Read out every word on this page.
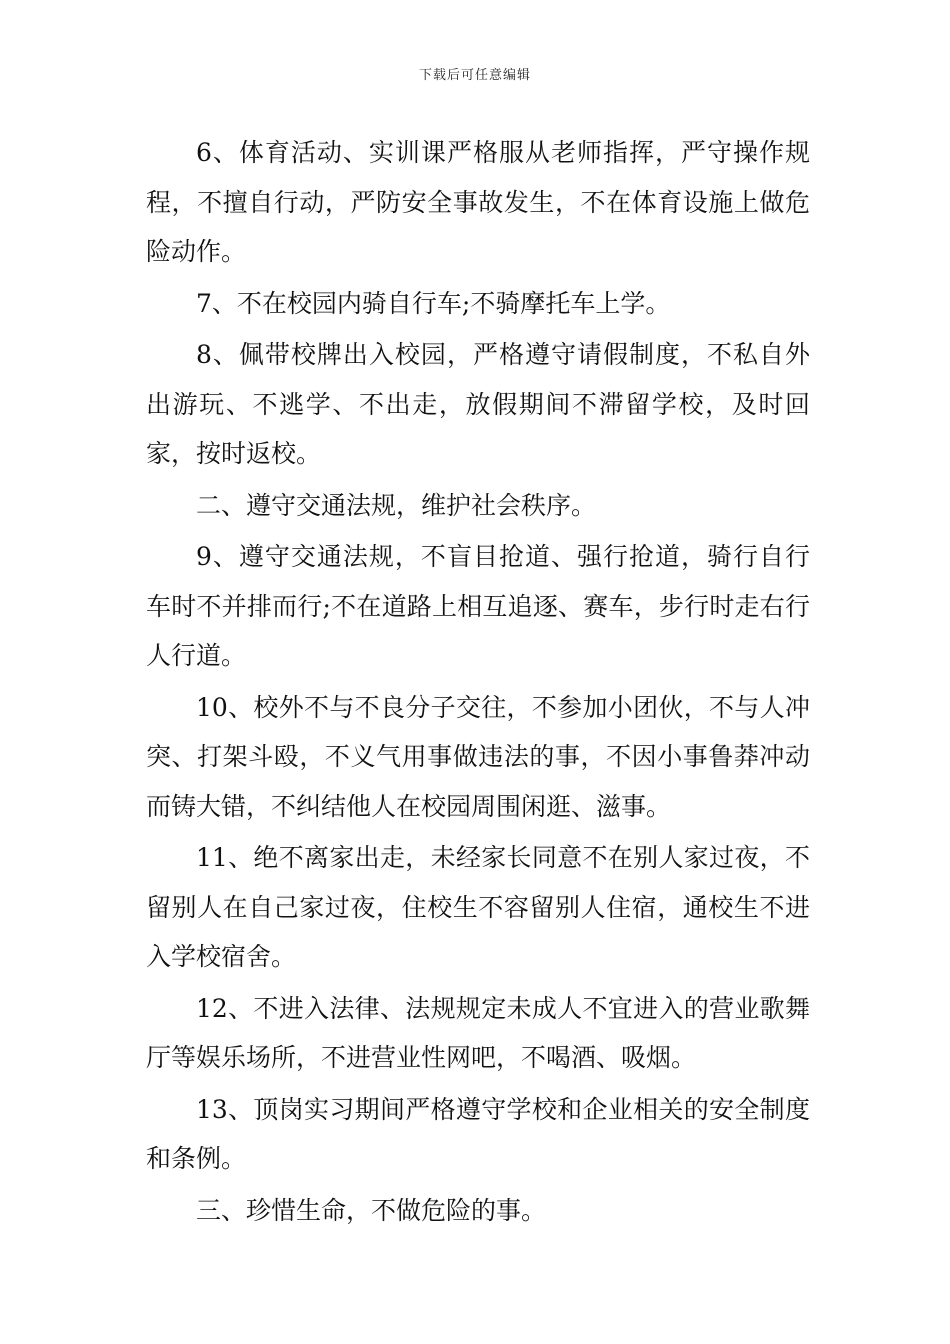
下载后可任意编辑

6、体育活动、实训课严格服从老师指挥，严守操作规程，不擅自行动，严防安全事故发生，不在体育设施上做危险动作。

7、不在校园内骑自行车;不骑摩托车上学。

8、佩带校牌出入校园，严格遵守请假制度，不私自外出游玩、不逃学、不出走，放假期间不滞留学校，及时回家，按时返校。

二、遵守交通法规，维护社会秩序。

9、遵守交通法规，不盲目抢道、强行抢道，骑行自行车时不并排而行;不在道路上相互追逐、赛车，步行时走右行人行道。

10、校外不与不良分子交往，不参加小团伙，不与人冲突、打架斗殴，不义气用事做违法的事，不因小事鲁莽冲动而铸大错，不纠结他人在校园周围闲逛、滋事。

11、绝不离家出走，未经家长同意不在别人家过夜，不留别人在自己家过夜，住校生不容留别人住宿，通校生不进入学校宿舍。

12、不进入法律、法规规定未成人不宜进入的营业歌舞厅等娱乐场所，不进营业性网吧，不喝酒、吸烟。

13、顶岗实习期间严格遵守学校和企业相关的安全制度和条例。

三、珍惜生命，不做危险的事。
